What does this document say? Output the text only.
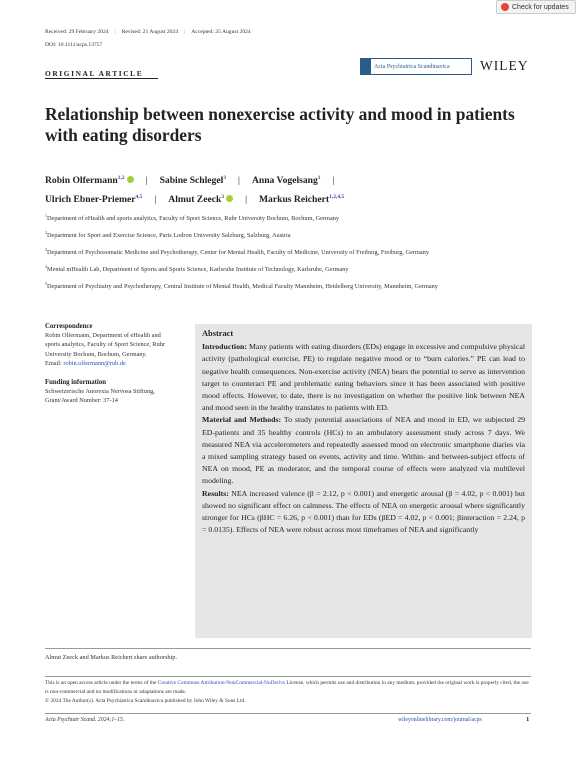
Check for updates
Received: 29 February 2024 | Revised: 21 August 2024 | Accepted: 25 August 2024
DOI: 10.1111/acps.13757
ORIGINAL ARTICLE
Acta Psychiatrica Scandinavica WILEY
Relationship between nonexercise activity and mood in patients with eating disorders
Robin Olfermann$^{1,2}$ | Sabine Schlegel$^3$ | Anna Vogelsang$^1$ |
Ulrich Ebner-Priemer$^{4,5}$ | Almut Zeeck$^3$ | Markus Reichert$^{1,2,4,5}$

$^1$Department of eHealth and sports analytics, Faculty of Sport Science, Ruhr University Bochum, Bochum, Germany

$^2$Department for Sport and Exercise Science, Paris Lodron University Salzburg, Salzburg, Austria

$^3$Department of Psychosomatic Medicine and Psychotherapy, Center for Mental Health, Faculty of Medicine, University of Freiburg, Freiburg, Germany

$^4$Mental mHealth Lab, Department of Sports and Sports Science, Karlsruhe Institute of Technology, Karlsruhe, Germany

$^5$Department of Psychiatry and Psychotherapy, Central Institute of Mental Health, Medical Faculty Mannheim, Heidelberg University, Mannheim, Germany

Correspondence
Robin Olfermann, Department of eHealth and sports analytics, Faculty of Sport Science, Ruhr University Bochum, Bochum, Germany.
Email: robin.olfermann@rub.de
Funding information
Schweizerische Anorexia Nervosa Stiftung, Grant/Award Number: 37-14
Abstract

Introduction: Many patients with eating disorders (EDs) engage in excessive and compulsive physical activity (pathological exercise, PE) to regulate negative mood or to “burn calories.” PE can lead to negative health consequences. Non-exercise activity (NEA) bears the potential to serve as intervention target to counteract PE and problematic eating behaviors since it has been associated with positive mood effects. However, to date, there is no investigation on whether the positive link between NEA and mood seen in the healthy translates to patients with ED.

Material and Methods: To study potential associations of NEA and mood in ED, we subjected 29 ED-patients and 35 healthy controls (HCs) to an ambulatory assessment study across 7 days. We measured NEA via accelerometers and repeatedly assessed mood on electronic smartphone diaries via a mixed sampling strategy based on events, activity and time. Within- and between-subject effects of NEA on mood, PE as moderator, and the temporal course of effects were analyzed via multilevel modeling.

Results: NEA increased valence (β = 2.12, p < 0.001) and energetic arousal (β = 4.02, p < 0.001) but showed no significant effect on calmness. The effects of NEA on energetic arousal where significantly stronger for HCs (βHC = 6.26, p < 0.001) than for EDs (βED = 4.02, p < 0.001; βinteraction = 2.24, p = 0.0135). Effects of NEA were robust across most timeframes of NEA and significantly

Almut Zeeck and Markus Reichert share authorship.
This is an open access article under the terms of the Creative Commons Attribution-NonCommercial-NoDerivs License, which permits use and distribution in any medium, provided the original work is properly cited, the use is non-commercial and no modifications or adaptations are made.
© 2024 The Author(s). Acta Psychiatrica Scandinavica published by John Wiley & Sons Ltd.
Acta Psychiatr Scand. 2024;1–15.	wileyonlinelibrary.com/journal/acps	1
